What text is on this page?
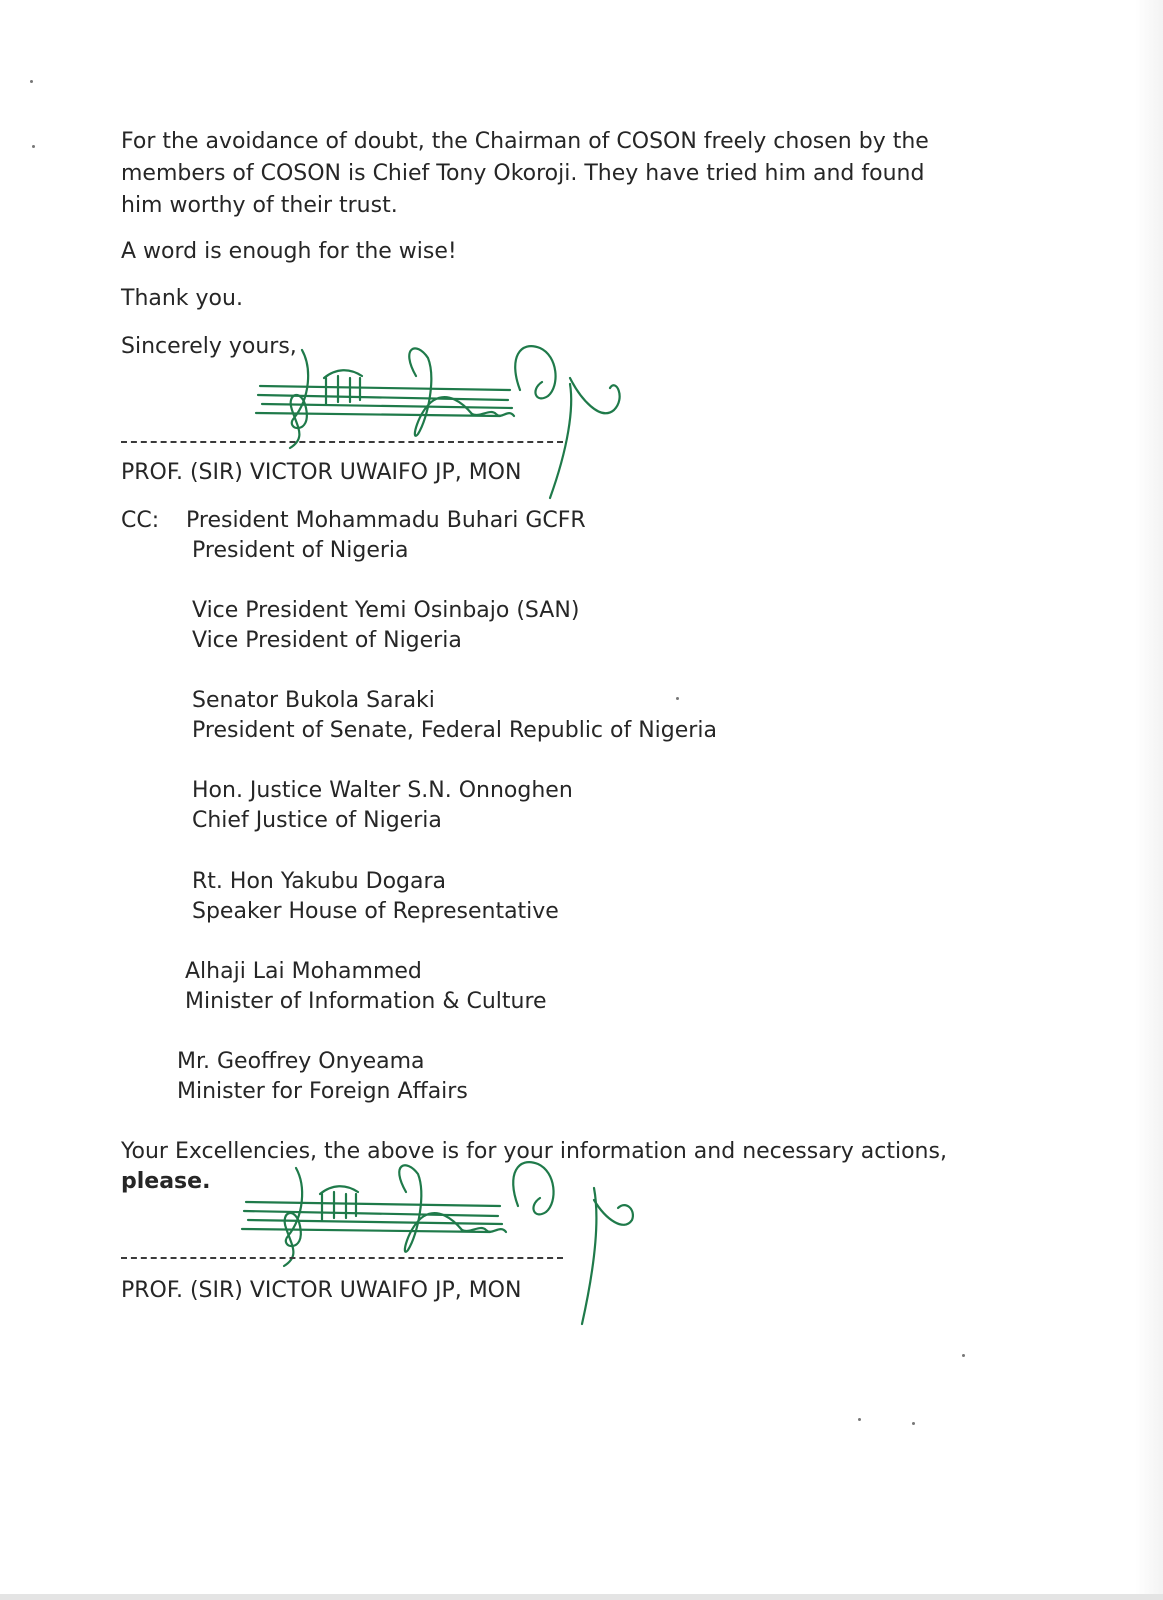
For the avoidance of doubt, the Chairman of COSON freely chosen by the
members of COSON is Chief Tony Okoroji. They have tried him and found
him worthy of their trust.
A word is enough for the wise!
Thank you.
Sincerely yours,
PROF. (SIR) VICTOR UWAIFO JP, MON
CC: President Mohammadu Buhari GCFR
President of Nigeria
Vice President Yemi Osinbajo (SAN)
Vice President of Nigeria
Senator Bukola Saraki
President of Senate, Federal Republic of Nigeria
Hon. Justice Walter S.N. Onnoghen
Chief Justice of Nigeria
Rt. Hon Yakubu Dogara
Speaker House of Representative
Alhaji Lai Mohammed
Minister of Information & Culture
Mr. Geoffrey Onyeama
Minister for Foreign Affairs
Your Excellencies, the above is for your information and necessary actions,
please.
PROF. (SIR) VICTOR UWAIFO JP, MON
